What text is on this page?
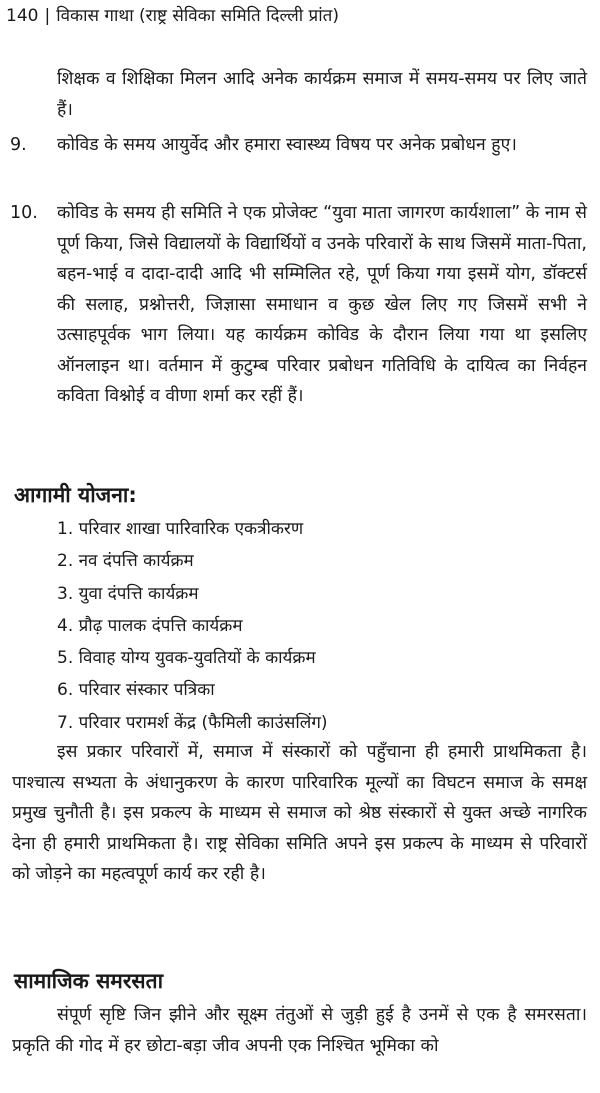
140 | विकास गाथा (राष्ट्र सेविका समिति दिल्ली प्रांत)

शिक्षक व शिक्षिका मिलन आदि अनेक कार्यक्रम समाज में समय-समय पर लिए जाते हैं।

9. कोविड के समय आयुर्वेद और हमारा स्वास्थ्य विषय पर अनेक प्रबोधन हुए।

10. कोविड के समय ही समिति ने एक प्रोजेक्ट “युवा माता जागरण कार्यशाला” के नाम से पूर्ण किया, जिसे विद्यालयों के विद्यार्थियों व उनके परिवारों के साथ जिसमें माता-पिता, बहन-भाई व दादा-दादी आदि भी सम्मिलित रहे, पूर्ण किया गया इसमें योग, डॉक्टर्स की सलाह, प्रश्नोत्तरी, जिज्ञासा समाधान व कुछ खेल लिए गए जिसमें सभी ने उत्साहपूर्वक भाग लिया। यह कार्यक्रम कोविड के दौरान लिया गया था इसलिए ऑनलाइन था। वर्तमान में कुटुम्ब परिवार प्रबोधन गतिविधि के दायित्व का निर्वहन कविता विश्नोई व वीणा शर्मा कर रहीं हैं।

आगामी योजना:
1. परिवार शाखा पारिवारिक एकत्रीकरण
2. नव दंपत्ति कार्यक्रम
3. युवा दंपत्ति कार्यक्रम
4. प्रौढ़ पालक दंपत्ति कार्यक्रम
5. विवाह योग्य युवक-युवतियों के कार्यक्रम
6. परिवार संस्कार पत्रिका
7. परिवार परामर्श केंद्र (फैमिली काउंसलिंग)

इस प्रकार परिवारों में, समाज में संस्कारों को पहुँचाना ही हमारी प्राथमिकता है। पाश्चात्य सभ्यता के अंधानुकरण के कारण पारिवारिक मूल्यों का विघटन समाज के समक्ष प्रमुख चुनौती है। इस प्रकल्प के माध्यम से समाज को श्रेष्ठ संस्कारों से युक्त अच्छे नागरिक देना ही हमारी प्राथमिकता है। राष्ट्र सेविका समिति अपने इस प्रकल्प के माध्यम से परिवारों को जोड़ने का महत्वपूर्ण कार्य कर रही है।

सामाजिक समरसता

संपूर्ण सृष्टि जिन झीने और सूक्ष्म तंतुओं से जुड़ी हुई है उनमें से एक है समरसता। प्रकृति की गोद में हर छोटा-बड़ा जीव अपनी एक निश्चित भूमिका को
